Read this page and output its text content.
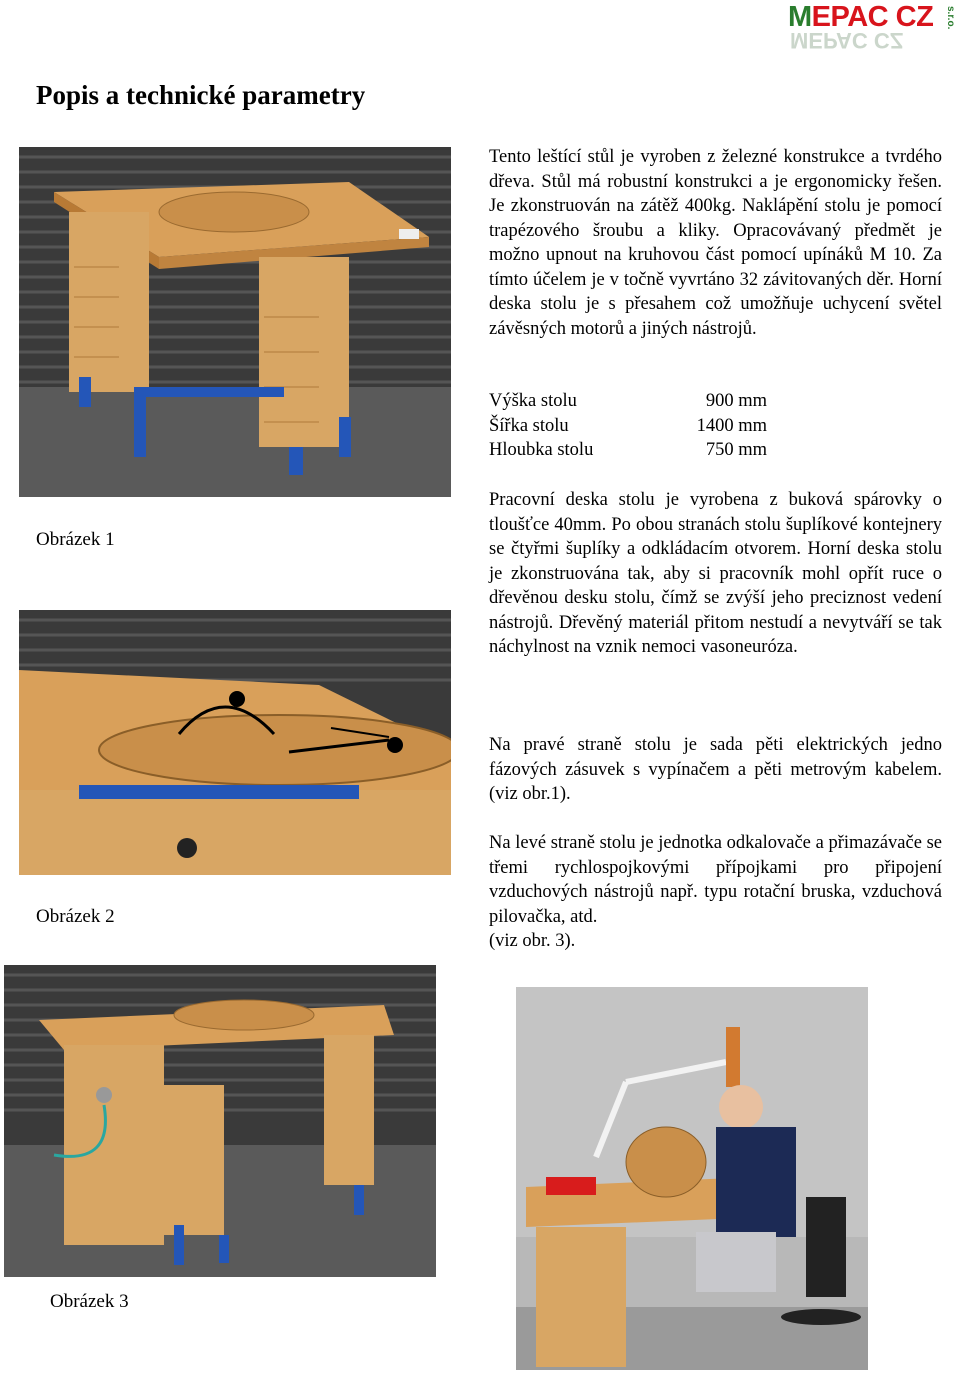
MEPAC CZ
MEPAC CZ
s.r.o.
Popis a technické parametry
Obrázek 1
Obrázek 2
Obrázek 3
Tento leštící stůl je vyroben z železné konstrukce a tvrdého dřeva. Stůl má robustní konstrukci a je ergonomicky řešen. Je zkonstruován na zátěž 400kg. Naklápění stolu je pomocí trapézového šroubu a kliky. Opracovávaný předmět je možno upnout na kruhovou část pomocí upínáků M 10. Za tímto účelem je v točně vyvrtáno 32 závitovaných děr. Horní deska stolu je s přesahem což umožňuje uchycení světel závěsných motorů a jiných nástrojů.
Výška stolu	900 mm
Šířka stolu	1400 mm
Hloubka stolu	750 mm
Pracovní deska stolu je vyrobena z buková spárovky o tloušťce 40mm. Po obou stranách stolu šuplíkové kontejnery se čtyřmi šuplíky a odkládacím otvorem. Horní deska stolu je zkonstruována tak, aby si pracovník mohl opřít ruce o dřevěnou desku stolu, čímž se zvýší jeho preciznost vedení nástrojů. Dřevěný materiál přitom nestudí a nevytváří se tak náchylnost na vznik nemoci vasoneuróza.
Na pravé straně stolu je sada pěti elektrických jedno fázových zásuvek s vypínačem a pěti metrovým kabelem. (viz obr.1).
Na levé straně stolu je jednotka odkalovače a přimazávače se třemi rychlospojkovými přípojkami pro připojení vzduchových nástrojů např. typu rotační bruska, vzduchová pilovačka, atd.
(viz obr. 3).
